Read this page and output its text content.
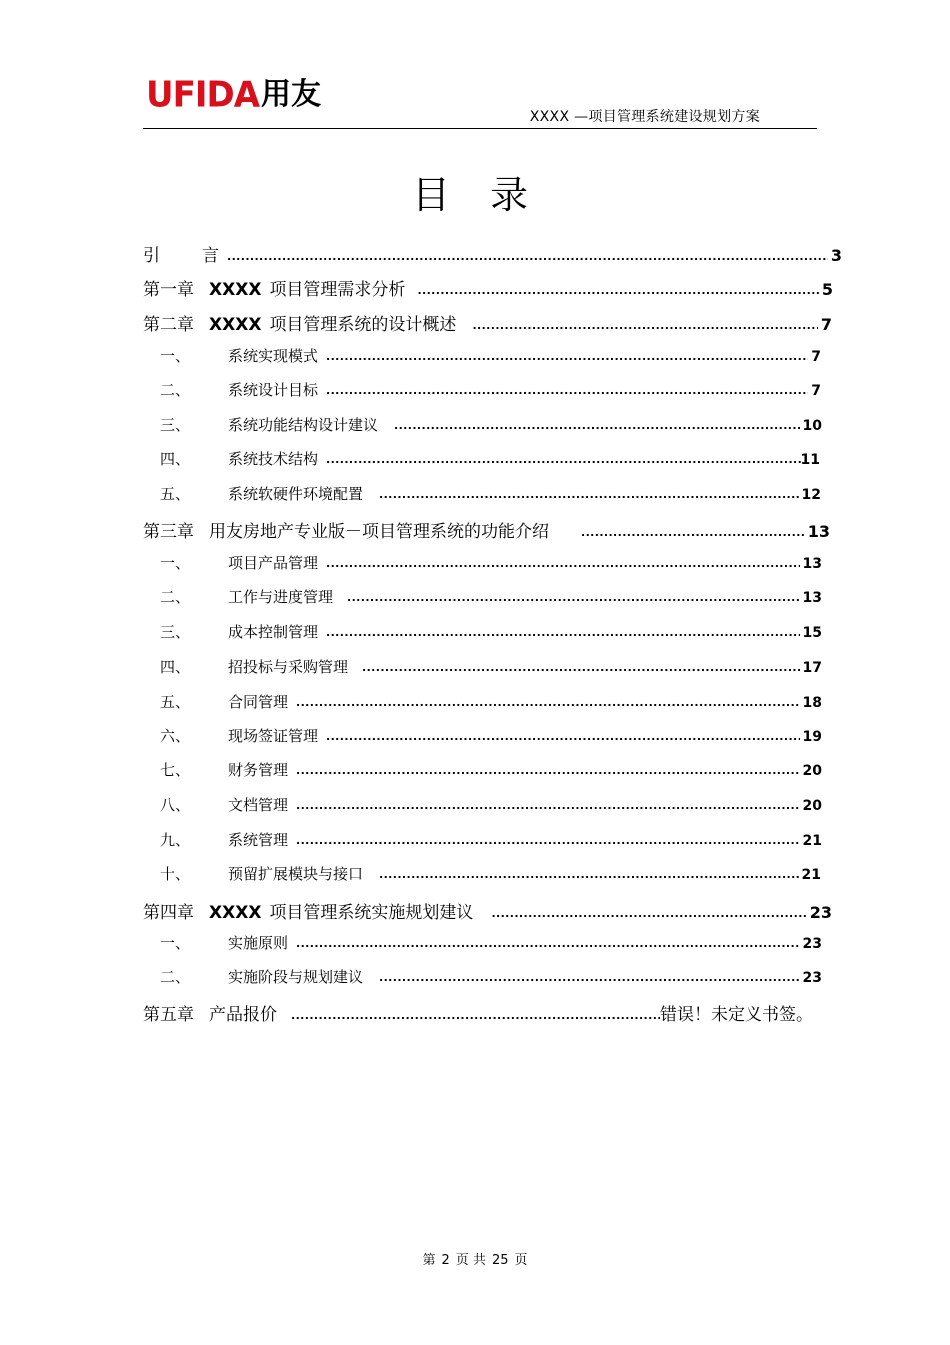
UFIDA 用友
XXXX —项目管理系统建设规划方案
目录
引 言 .....	3
第一章 XXXX 项目管理需求分析 .....	5
第二章 XXXX 项目管理系统的设计概述 .....	7
一、	系统实现模式 .....	7
二、	系统设计目标 .....	7
三、	系统功能结构设计建议 .....	10
四、	系统技术结构 .....	11
五、	系统软硬件环境配置 .....	12
第三章 用友房地产专业版－项目管理系统的功能介绍 .....	13
一、	项目产品管理 .....	13
二、	工作与进度管理 .....	13
三、	成本控制管理 .....	15
四、	招投标与采购管理 .....	17
五、	合同管理 .....	18
六、	现场签证管理 .....	19
七、	财务管理 .....	20
八、	文档管理 .....	20
九、	系统管理 .....	21
十、	预留扩展模块与接口 .....	21
第四章 XXXX 项目管理系统实施规划建议 .....	23
一、	实施原则 .....	23
二、	实施阶段与规划建议 .....	23
第五章 产品报价 .....	错误！未定义书签。
第 2 页 共 25 页
